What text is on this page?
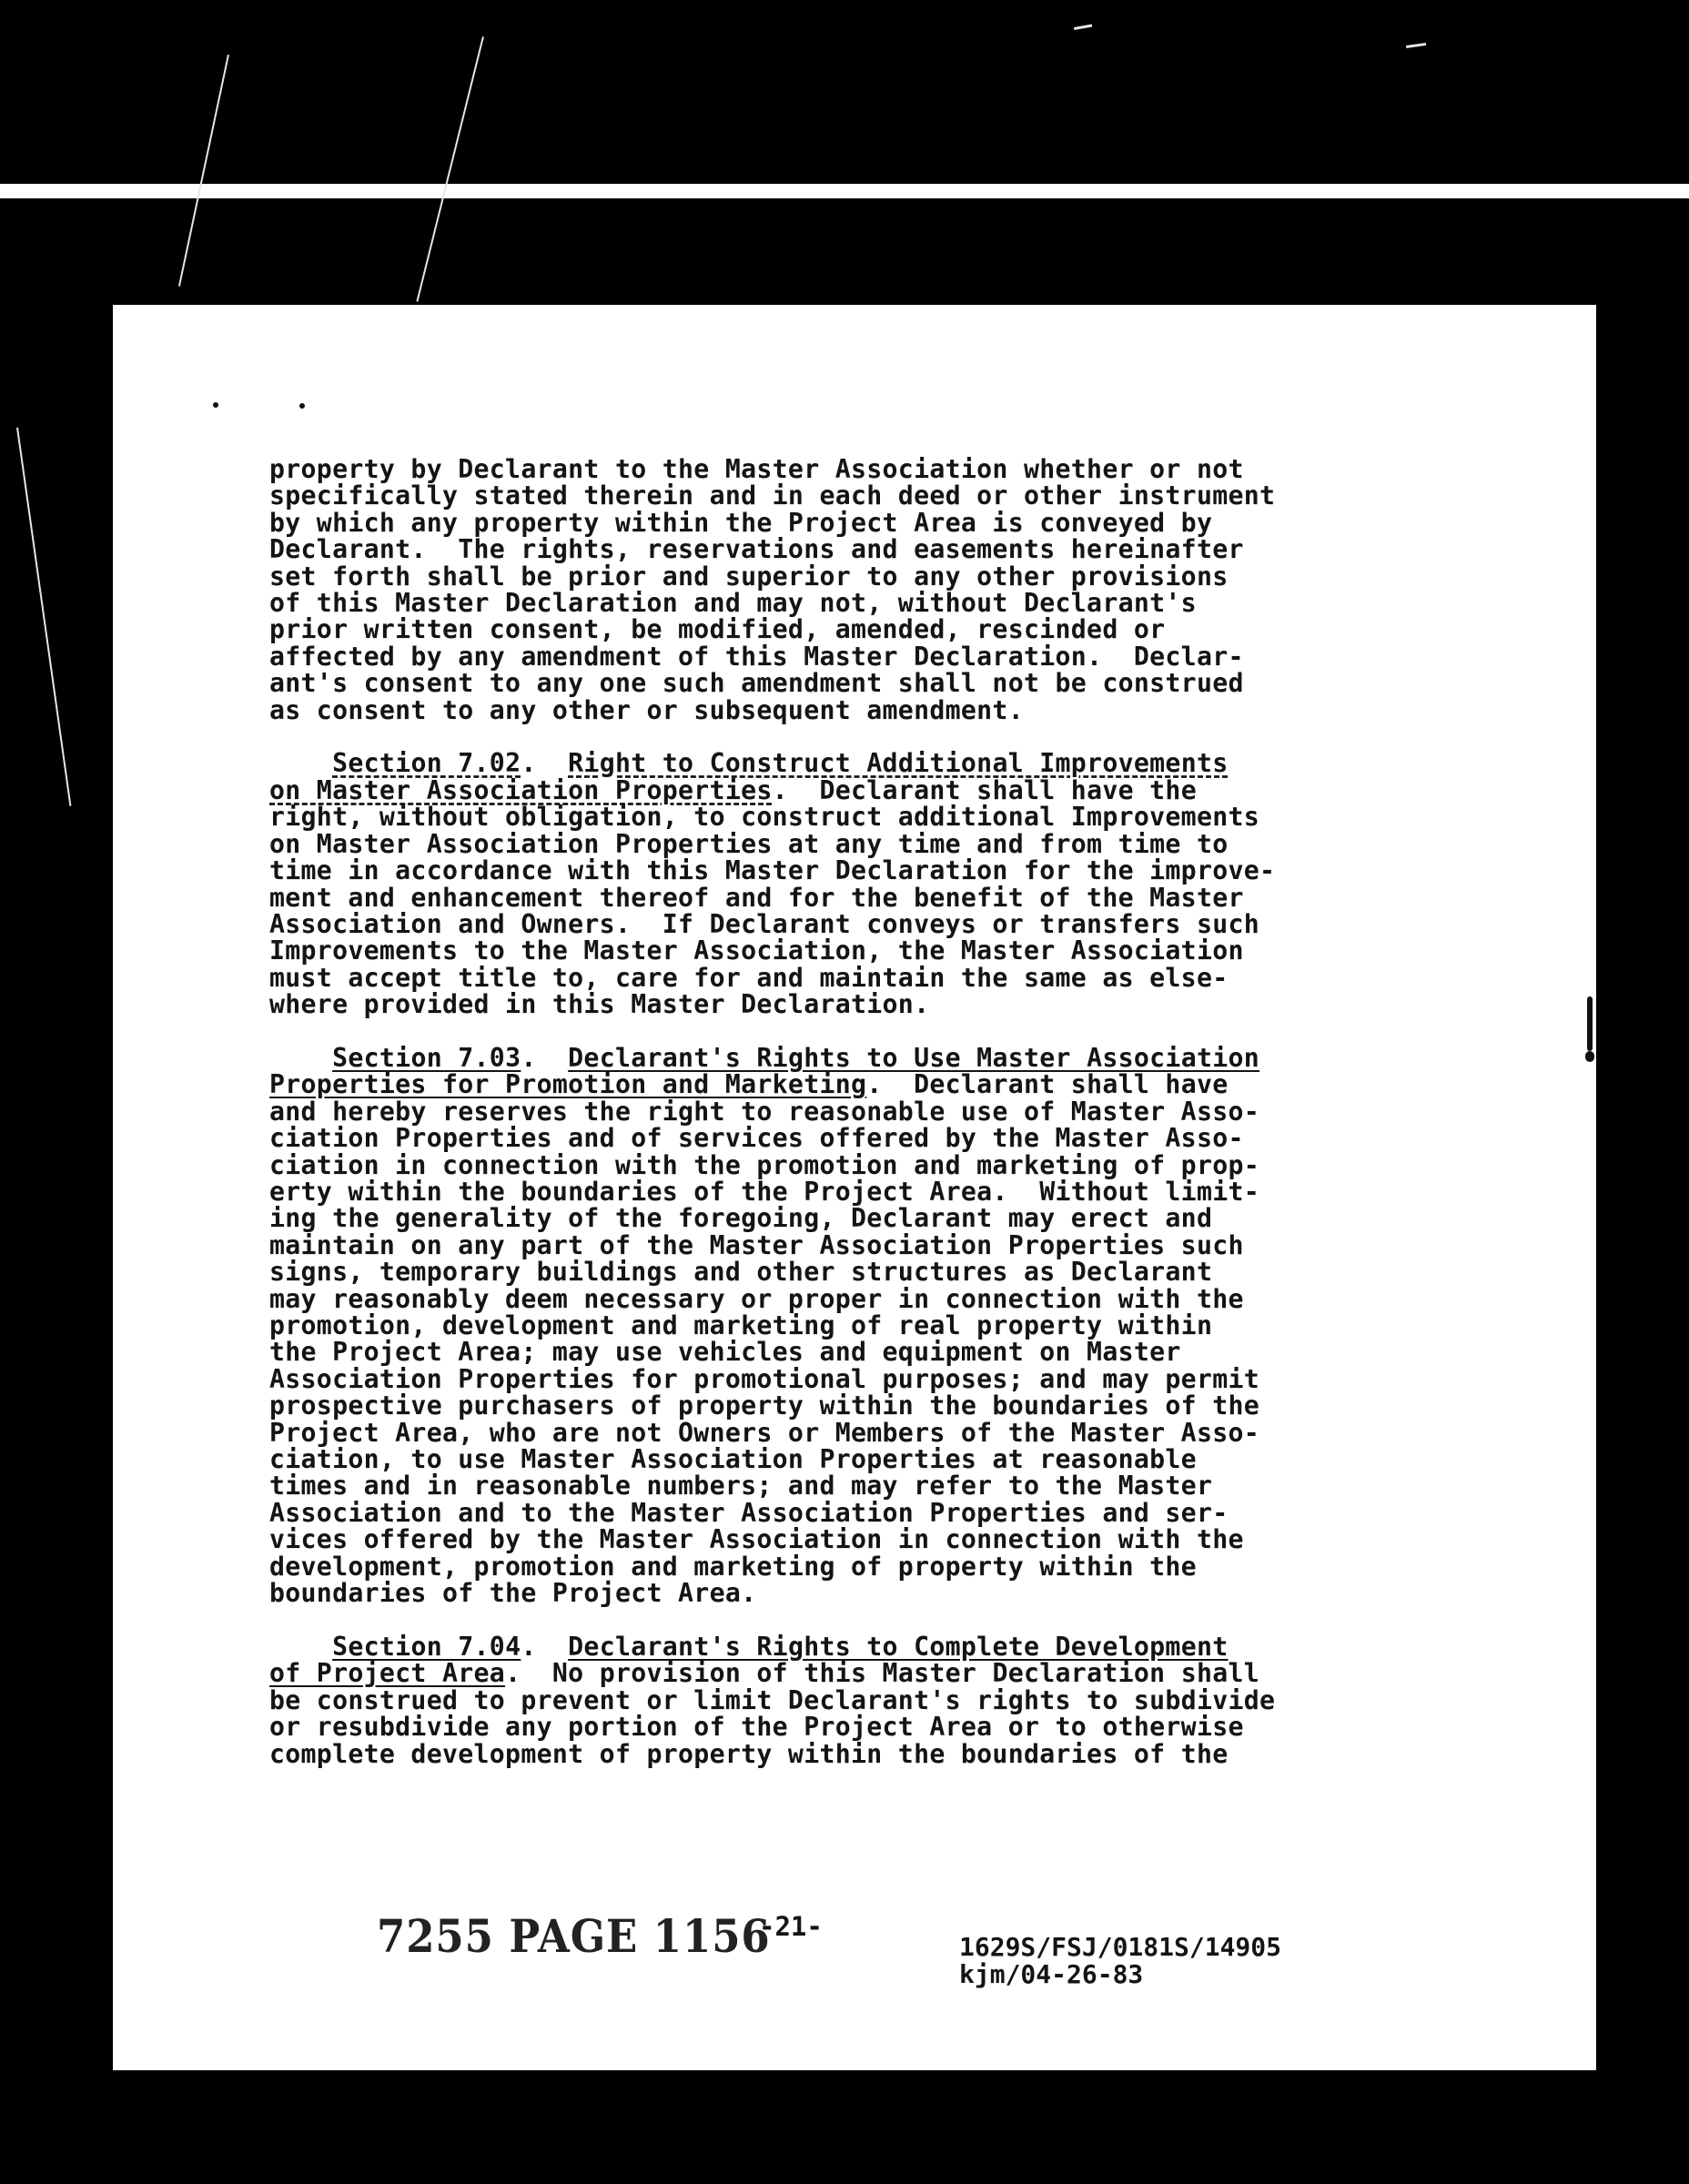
property by Declarant to the Master Association whether or not
specifically stated therein and in each deed or other instrument
by which any property within the Project Area is conveyed by
Declarant.  The rights, reservations and easements hereinafter
set forth shall be prior and superior to any other provisions
of this Master Declaration and may not, without Declarant's
prior written consent, be modified, amended, rescinded or
affected by any amendment of this Master Declaration.  Declar-
ant's consent to any one such amendment shall not be construed
as consent to any other or subsequent amendment.

Section 7.02.  Right to Construct Additional Improvements
on Master Association Properties.  Declarant shall have the
right, without obligation, to construct additional Improvements
on Master Association Properties at any time and from time to
time in accordance with this Master Declaration for the improve-
ment and enhancement thereof and for the benefit of the Master
Association and Owners.  If Declarant conveys or transfers such
Improvements to the Master Association, the Master Association
must accept title to, care for and maintain the same as else-
where provided in this Master Declaration.

Section 7.03.  Declarant's Rights to Use Master Association
Properties for Promotion and Marketing.  Declarant shall have
and hereby reserves the right to reasonable use of Master Asso-
ciation Properties and of services offered by the Master Asso-
ciation in connection with the promotion and marketing of prop-
erty within the boundaries of the Project Area.  Without limit-
ing the generality of the foregoing, Declarant may erect and
maintain on any part of the Master Association Properties such
signs, temporary buildings and other structures as Declarant
may reasonably deem necessary or proper in connection with the
promotion, development and marketing of real property within
the Project Area; may use vehicles and equipment on Master
Association Properties for promotional purposes; and may permit
prospective purchasers of property within the boundaries of the
Project Area, who are not Owners or Members of the Master Asso-
ciation, to use Master Association Properties at reasonable
times and in reasonable numbers; and may refer to the Master
Association and to the Master Association Properties and ser-
vices offered by the Master Association in connection with the
development, promotion and marketing of property within the
boundaries of the Project Area.

Section 7.04.  Declarant's Rights to Complete Development
of Project Area.  No provision of this Master Declaration shall
be construed to prevent or limit Declarant's rights to subdivide
or resubdivide any portion of the Project Area or to otherwise
complete development of property within the boundaries of the
7255 PAGE 1156
-21-
1629S/FSJ/0181S/14905
kjm/04-26-83
